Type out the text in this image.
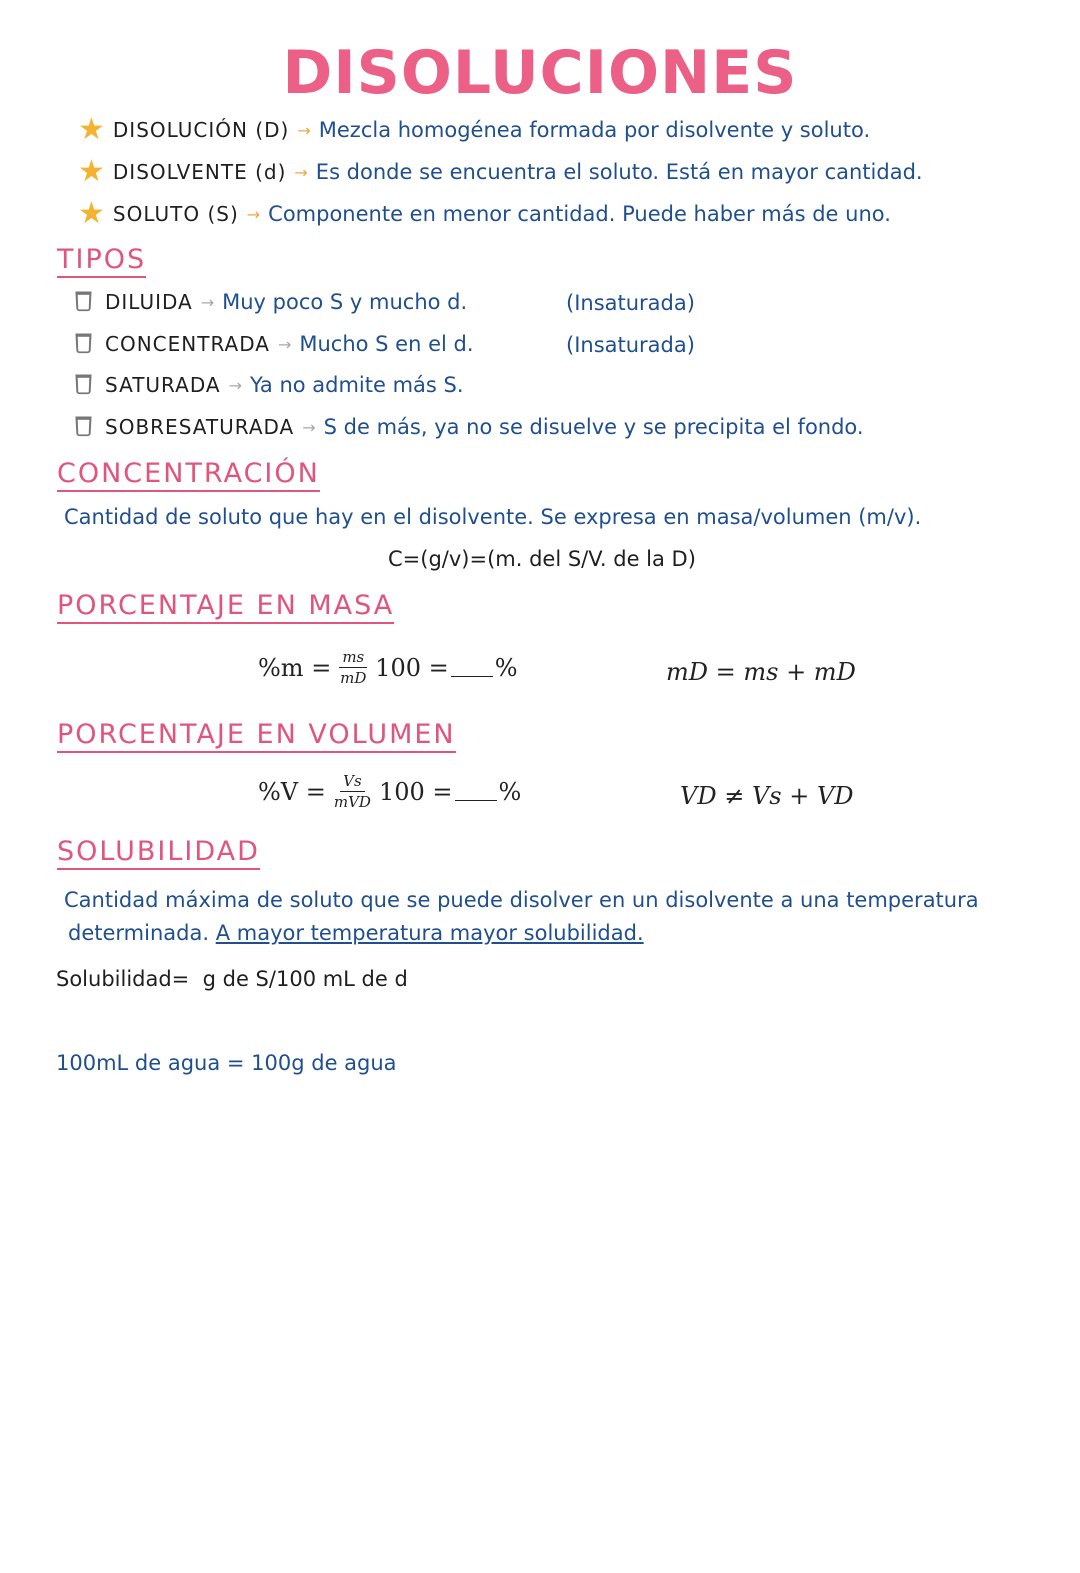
DISOLUCIONES
★ DISOLUCIÓN (D) → Mezcla homogénea formada por disolvente y soluto.
★ DISOLVENTE (d) → Es donde se encuentra el soluto. Está en mayor cantidad.
★ SOLUTO (S) → Componente en menor cantidad. Puede haber más de uno.
TIPOS
DILUIDA → Muy poco S y mucho d.	(Insaturada)
CONCENTRADA → Mucho S en el d.	(Insaturada)
SATURADA → Ya no admite más S.
SOBRESATURADA → S de más, ya no se disuelve y se precipita el fondo.
CONCENTRACIÓN
Cantidad de soluto que hay en el disolvente. Se expresa en masa/volumen (m/v).
C=(g/v)=(m. del S/V. de la D)
PORCENTAJE EN MASA
$\%m = \frac{ms}{mD} 100$ = %	mD = ms + mD
PORCENTAJE EN VOLUMEN
$\%V = \frac{Vs}{\text{mVD}} 100$ = %	VD ≠ Vs + VD
SOLUBILIDAD
Cantidad máxima de soluto que se puede disolver en un disolvente a una temperatura
determinada. A mayor temperatura mayor solubilidad.
Solubilidad=  g de S/100 mL de d
100mL de agua = 100g de agua
